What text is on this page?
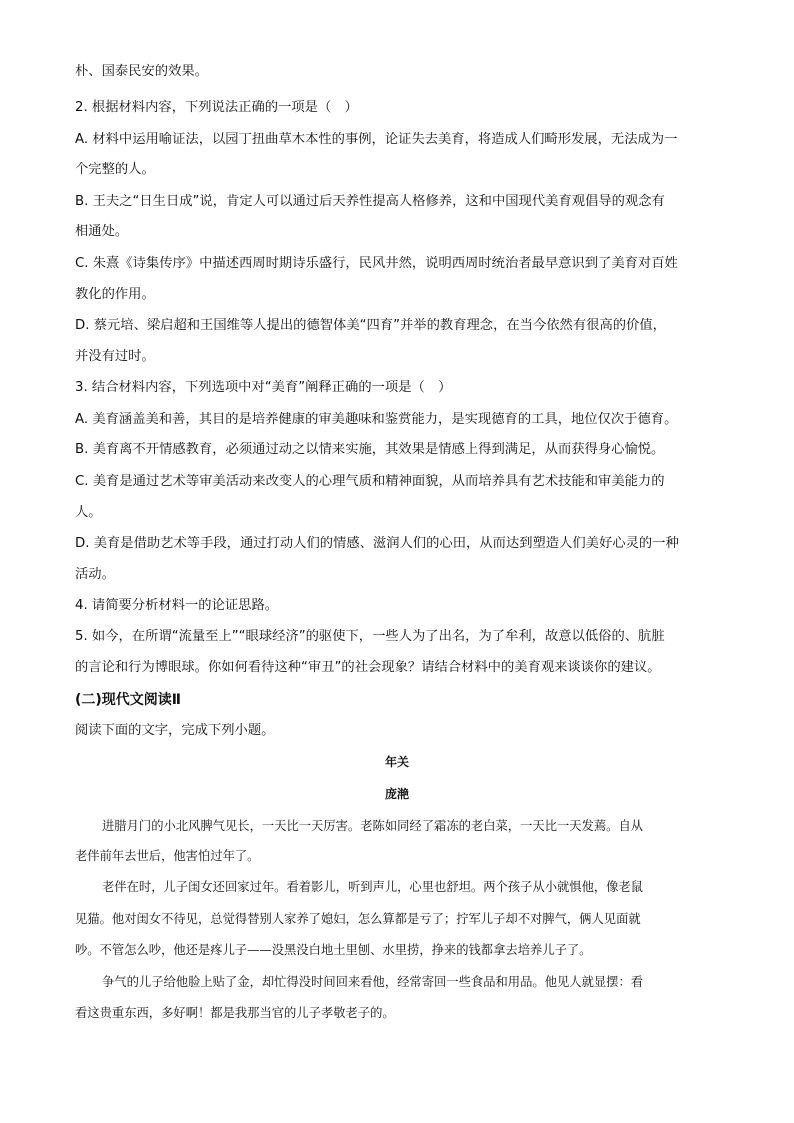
朴、国泰民安的效果。
2. 根据材料内容，下列说法正确的一项是（　）
A. 材料中运用喻证法，以园丁扭曲草木本性的事例，论证失去美育，将造成人们畸形发展，无法成为一
个完整的人。
B. 王夫之“日生日成”说，肯定人可以通过后天养性提高人格修养，这和中国现代美育观倡导的观念有
相通处。
C. 朱熹《诗集传序》中描述西周时期诗乐盛行，民风井然，说明西周时统治者最早意识到了美育对百姓
教化的作用。
D. 蔡元培、梁启超和王国维等人提出的德智体美“四育”并举的教育理念，在当今依然有很高的价值，
并没有过时。
3. 结合材料内容，下列选项中对“美育”阐释正确的一项是（　）
A. 美育涵盖美和善，其目的是培养健康的审美趣味和鉴赏能力，是实现德育的工具，地位仅次于德育。
B. 美育离不开情感教育，必须通过动之以情来实施，其效果是情感上得到满足，从而获得身心愉悦。
C. 美育是通过艺术等审美活动来改变人的心理气质和精神面貌，从而培养具有艺术技能和审美能力的
人。
D. 美育是借助艺术等手段，通过打动人们的情感、滋润人们的心田，从而达到塑造人们美好心灵的一种
活动。
4. 请简要分析材料一的论证思路。
5. 如今，在所谓“流量至上”“眼球经济”的驱使下，一些人为了出名，为了牟利，故意以低俗的、肮脏
的言论和行为博眼球。你如何看待这种“审丑”的社会现象？请结合材料中的美育观来谈谈你的建议。
(二)现代文阅读Ⅱ
阅读下面的文字，完成下列小题。
年关
庞滟
进腊月门的小北风脾气见长，一天比一天厉害。老陈如同经了霜冻的老白菜，一天比一天发蔫。自从
老伴前年去世后，他害怕过年了。
老伴在时，儿子闺女还回家过年。看着影儿，听到声儿，心里也舒坦。两个孩子从小就惧他，像老鼠
见猫。他对闺女不待见，总觉得替别人家养了媳妇，怎么算都是亏了；拧军儿子却不对脾气，俩人见面就
吵。不管怎么吵，他还是疼儿子——没黑没白地土里刨、水里捞，挣来的钱都拿去培养儿子了。
争气的儿子给他脸上贴了金，却忙得没时间回来看他，经常寄回一些食品和用品。他见人就显摆：看
看这贵重东西，多好啊！都是我那当官的儿子孝敬老子的。
